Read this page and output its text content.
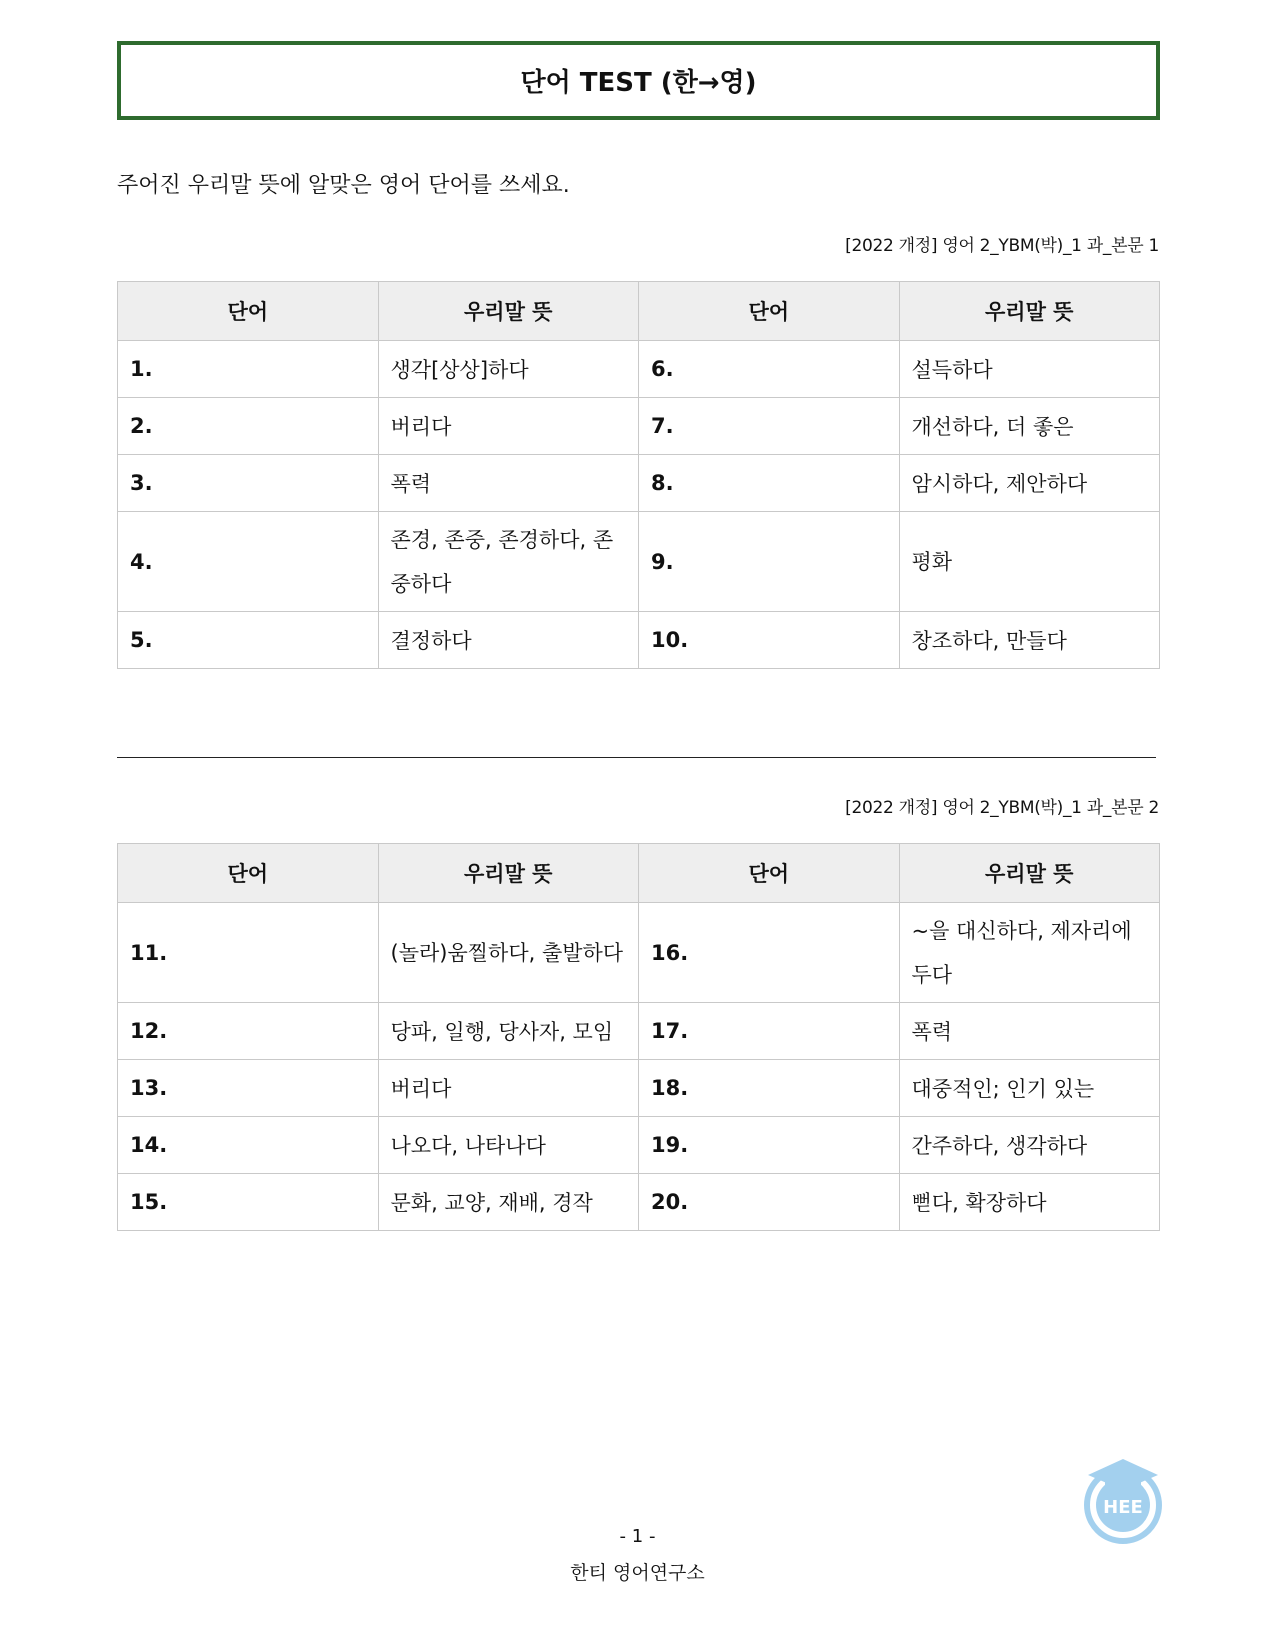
단어 TEST (한→영)
주어진 우리말 뜻에 알맞은 영어 단어를 쓰세요.
[2022 개정] 영어 2_YBM(박)_1 과_본문 1
단어	우리말 뜻	단어	우리말 뜻
1.	생각[상상]하다	6.	설득하다
2.	버리다	7.	개선하다, 더 좋은
3.	폭력	8.	암시하다, 제안하다
4.	존경, 존중, 존경하다, 존중하다	9.	평화
5.	결정하다	10.	창조하다, 만들다
[2022 개정] 영어 2_YBM(박)_1 과_본문 2
단어	우리말 뜻	단어	우리말 뜻
11.	(놀라)움찔하다, 출발하다	16.	~을 대신하다, 제자리에 두다
12.	당파, 일행, 당사자, 모임	17.	폭력
13.	버리다	18.	대중적인; 인기 있는
14.	나오다, 나타나다	19.	간주하다, 생각하다
15.	문화, 교양, 재배, 경작	20.	뻗다, 확장하다
- 1 -
한티 영어연구소
HEE
